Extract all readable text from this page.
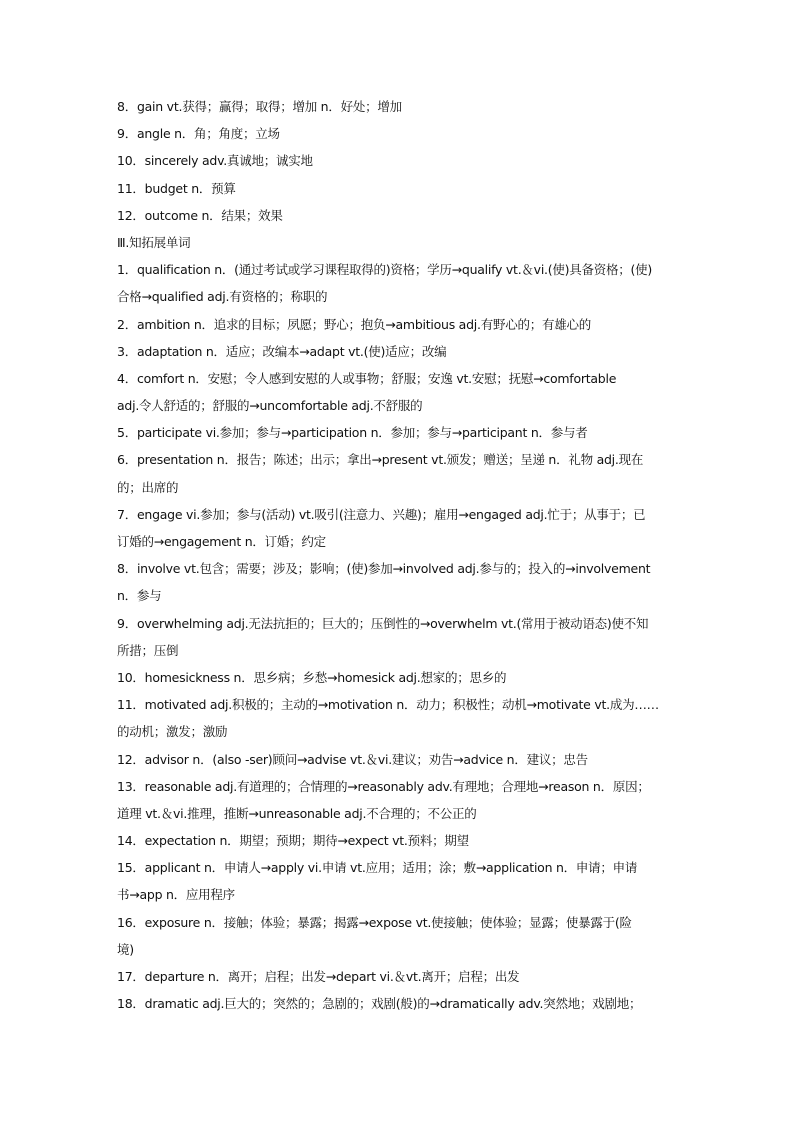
8．gain vt.获得；赢得；取得；增加 n．好处；增加
9．angle n．角；角度；立场
10．sincerely adv.真诚地；诚实地
11．budget n．预算
12．outcome n．结果；效果
Ⅲ.知拓展单词
1．qualification n．(通过考试或学习课程取得的)资格；学历→qualify vt.＆vi.(使)具备资格；(使)
合格→qualified adj.有资格的；称职的
2．ambition n．追求的目标；夙愿；野心；抱负→ambitious adj.有野心的；有雄心的
3．adaptation n．适应；改编本→adapt vt.(使)适应；改编
4．comfort n．安慰；令人感到安慰的人或事物；舒服；安逸 vt.安慰；抚慰→comfortable
adj.令人舒适的；舒服的→uncomfortable adj.不舒服的
5．participate vi.参加；参与→participation n．参加；参与→participant n．参与者
6．presentation n．报告；陈述；出示；拿出→present vt.颁发；赠送；呈递 n．礼物 adj.现在
的；出席的
7．engage vi.参加；参与(活动) vt.吸引(注意力、兴趣)；雇用→engaged adj.忙于；从事于；已
订婚的→engagement n．订婚；约定
8．involve vt.包含；需要；涉及；影响；(使)参加→involved adj.参与的；投入的→involvement
n．参与
9．overwhelming adj.无法抗拒的；巨大的；压倒性的→overwhelm vt.(常用于被动语态)使不知
所措；压倒
10．homesickness n．思乡病；乡愁→homesick adj.想家的；思乡的
11．motivated adj.积极的；主动的→motivation n．动力；积极性；动机→motivate vt.成为……
的动机；激发；激励
12．advisor n．(also -ser)顾问→advise vt.＆vi.建议；劝告→advice n．建议；忠告
13．reasonable adj.有道理的；合情理的→reasonably adv.有理地；合理地→reason n．原因；
道理 vt.＆vi.推理，推断→unreasonable adj.不合理的；不公正的
14．expectation n．期望；预期；期待→expect vt.预料；期望
15．applicant n．申请人→apply vi.申请 vt.应用；适用；涂；敷→application n．申请；申请
书→app n．应用程序
16．exposure n．接触；体验；暴露；揭露→expose vt.使接触；使体验；显露；使暴露于(险
境)
17．departure n．离开；启程；出发→depart vi.＆vt.离开；启程；出发
18．dramatic adj.巨大的；突然的；急剧的；戏剧(般)的→dramatically adv.突然地；戏剧地；
